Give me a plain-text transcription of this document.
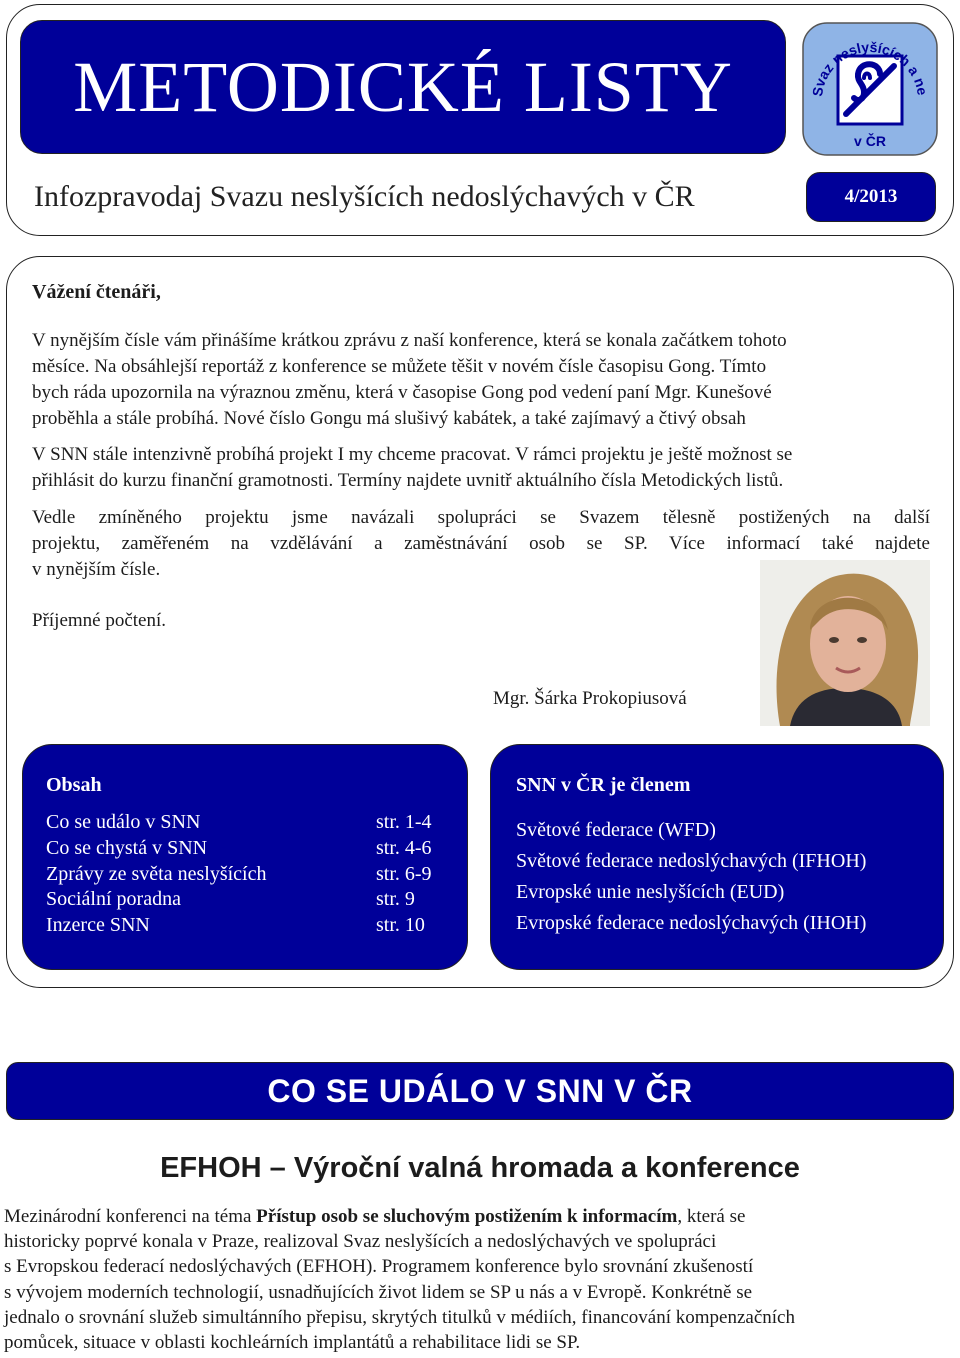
METODICKÉ LISTY	Svaz neslyšících a ne
v ČR
Infozpravodaj Svazu neslyšících nedoslýchavých v ČR	4/2013
Vážení čtenáři,
V nynějším čísle vám přinášíme krátkou zprávu z naší konference, která se konala začátkem tohoto
měsíce. Na obsáhlejší reportáž z konference se můžete těšit v novém čísle časopisu Gong. Tímto
bych ráda upozornila na výraznou změnu, která v časopise Gong pod vedení paní Mgr. Kunešové
proběhla a stále probíhá. Nové číslo Gongu má slušivý kabátek, a také zajímavý a čtivý obsah
V SNN stále intenzivně probíhá projekt I my chceme pracovat. V rámci projektu je ještě možnost se
přihlásit do kurzu finanční gramotnosti. Termíny najdete uvnitř aktuálního čísla Metodických listů.
Vedle zmíněného projektu jsme navázali spolupráci se Svazem tělesně postižených na další
projektu, zaměřeném na vzdělávání a zaměstnávání osob se SP. Více informací také najdete
v nynějším čísle.
Příjemné počtení.
Mgr. Šárka Prokopiusová
Obsah
Co se událo v SNN	str. 1-4
Co se chystá v SNN	str. 4-6
Zprávy ze světa neslyšících	str. 6-9
Sociální poradna	str. 9
Inzerce SNN	str. 10
SNN v ČR je členem
Světové federace (WFD)
Světové federace nedoslýchavých (IFHOH)
Evropské unie neslyšících (EUD)
Evropské federace nedoslýchavých (IHOH)
CO SE UDÁLO V SNN V ČR
EFHOH – Výroční valná hromada a konference
Mezinárodní konferenci na téma Přístup osob se sluchovým postižením k informacím, která se
historicky poprvé konala v Praze, realizoval Svaz neslyšících a nedoslýchavých ve spolupráci
s Evropskou federací nedoslýchavých (EFHOH). Programem konference bylo srovnání zkušeností
s vývojem moderních technologií, usnadňujících život lidem se SP u nás a v Evropě. Konkrétně se
jednalo o srovnání služeb simultánního přepisu, skrytých titulků v médiích, financování kompenzačních
pomůcek, situace v oblasti kochleárních implantátů a rehabilitace lidi se SP.
